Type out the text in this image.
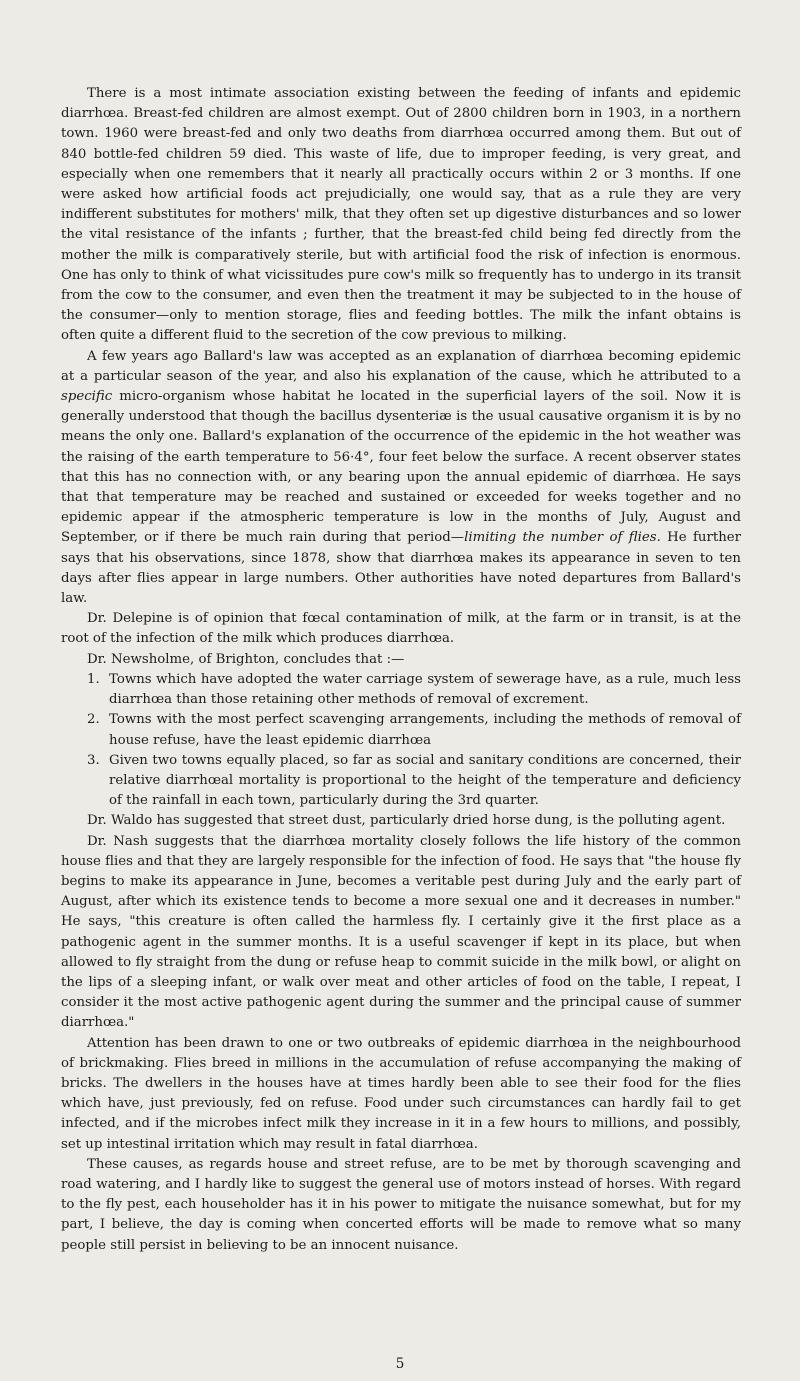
There is a most intimate association existing between the feeding of infants and epidemic diarrhœa. Breast-fed children are almost exempt. Out of 2800 children born in 1903, in a northern town. 1960 were breast-fed and only two deaths from diarrhœa occurred among them. But out of 840 bottle-fed children 59 died. This waste of life, due to improper feeding, is very great, and especially when one remembers that it nearly all practically occurs within 2 or 3 months. If one were asked how artificial foods act prejudicially, one would say, that as a rule they are very indifferent substitutes for mothers' milk, that they often set up digestive disturbances and so lower the vital resistance of the infants ; further, that the breast-fed child being fed directly from the mother the milk is comparatively sterile, but with artificial food the risk of infection is enormous. One has only to think of what vicissitudes pure cow's milk so frequently has to undergo in its transit from the cow to the consumer, and even then the treatment it may be subjected to in the house of the consumer—only to mention storage, flies and feeding bottles. The milk the infant obtains is often quite a different fluid to the secretion of the cow previous to milking.

A few years ago Ballard's law was accepted as an explanation of diarrhœa becoming epidemic at a particular season of the year, and also his explanation of the cause, which he attributed to a specific micro-organism whose habitat he located in the superficial layers of the soil. Now it is generally understood that though the bacillus dysenteriæ is the usual causative organism it is by no means the only one. Ballard's explanation of the occurrence of the epidemic in the hot weather was the raising of the earth temperature to 56·4°, four feet below the surface. A recent observer states that this has no connection with, or any bearing upon the annual epidemic of diarrhœa. He says that that temperature may be reached and sustained or exceeded for weeks together and no epidemic appear if the atmospheric temperature is low in the months of July, August and September, or if there be much rain during that period—limiting the number of flies. He further says that his observations, since 1878, show that diarrhœa makes its appearance in seven to ten days after flies appear in large numbers. Other authorities have noted departures from Ballard's law.

Dr. Delepine is of opinion that fœcal contamination of milk, at the farm or in transit, is at the root of the infection of the milk which produces diarrhœa.

Dr. Newsholme, of Brighton, concludes that :—

1. Towns which have adopted the water carriage system of sewerage have, as a rule, much less diarrhœa than those retaining other methods of removal of excrement.
2. Towns with the most perfect scavenging arrangements, including the methods of removal of house refuse, have the least epidemic diarrhœa
3. Given two towns equally placed, so far as social and sanitary conditions are concerned, their relative diarrhœal mortality is proportional to the height of the temperature and deficiency of the rainfall in each town, particularly during the 3rd quarter.

Dr. Waldo has suggested that street dust, particularly dried horse dung, is the polluting agent.

Dr. Nash suggests that the diarrhœa mortality closely follows the life history of the common house flies and that they are largely responsible for the infection of food. He says that "the house fly begins to make its appearance in June, becomes a veritable pest during July and the early part of August, after which its existence tends to become a more sexual one and it decreases in number." He says, "this creature is often called the harmless fly. I certainly give it the first place as a pathogenic agent in the summer months. It is a useful scavenger if kept in its place, but when allowed to fly straight from the dung or refuse heap to commit suicide in the milk bowl, or alight on the lips of a sleeping infant, or walk over meat and other articles of food on the table, I repeat, I consider it the most active pathogenic agent during the summer and the principal cause of summer diarrhœa."

Attention has been drawn to one or two outbreaks of epidemic diarrhœa in the neighbourhood of brickmaking. Flies breed in millions in the accumulation of refuse accompanying the making of bricks. The dwellers in the houses have at times hardly been able to see their food for the flies which have, just previously, fed on refuse. Food under such circumstances can hardly fail to get infected, and if the microbes infect milk they increase in it in a few hours to millions, and possibly, set up intestinal irritation which may result in fatal diarrhœa.

These causes, as regards house and street refuse, are to be met by thorough scavenging and road watering, and I hardly like to suggest the general use of motors instead of horses. With regard to the fly pest, each householder has it in his power to mitigate the nuisance somewhat, but for my part, I believe, the day is coming when concerted efforts will be made to remove what so many people still persist in believing to be an innocent nuisance.

5
